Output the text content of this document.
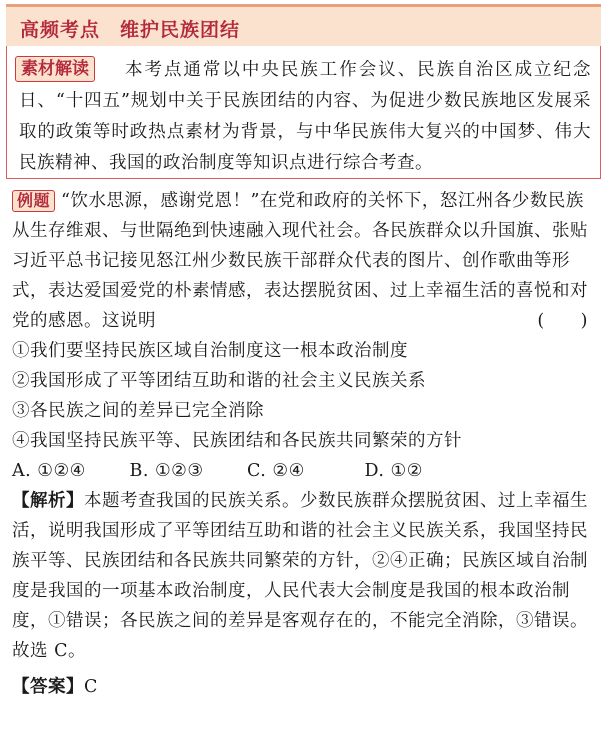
高频考点　维护民族团结
素材解读	本考点通常以中央民族工作会议、民族自治区成立纪念日、“十四五”规划中关于民族团结的内容、为促进少数民族地区发展采取的政策等时政热点素材为背景，与中华民族伟大复兴的中国梦、伟大民族精神、我国的政治制度等知识点进行综合考查。

例题 “饮水思源，感谢党恩！”在党和政府的关怀下，怒江州各少数民族从生存维艰、与世隔绝到快速融入现代社会。各民族群众以升国旗、张贴习近平总书记接见怒江州少数民族干部群众代表的图片、创作歌曲等形式，表达爱国爱党的朴素情感，表达摆脱贫困、过上幸福生活的喜悦和对党的感恩。这说明	(　　)

①我们要坚持民族区域自治制度这一根本政治制度

②我国形成了平等团结互助和谐的社会主义民族关系

③各民族之间的差异已完全消除

④我国坚持民族平等、民族团结和各民族共同繁荣的方针

A. ①②④	B. ①②③	C. ②④	D. ①②

【解析】本题考查我国的民族关系。少数民族群众摆脱贫困、过上幸福生活，说明我国形成了平等团结互助和谐的社会主义民族关系，我国坚持民族平等、民族团结和各民族共同繁荣的方针，②④正确；民族区域自治制度是我国的一项基本政治制度，人民代表大会制度是我国的根本政治制度，①错误；各民族之间的差异是客观存在的，不能完全消除，③错误。故选 C。

【答案】C
